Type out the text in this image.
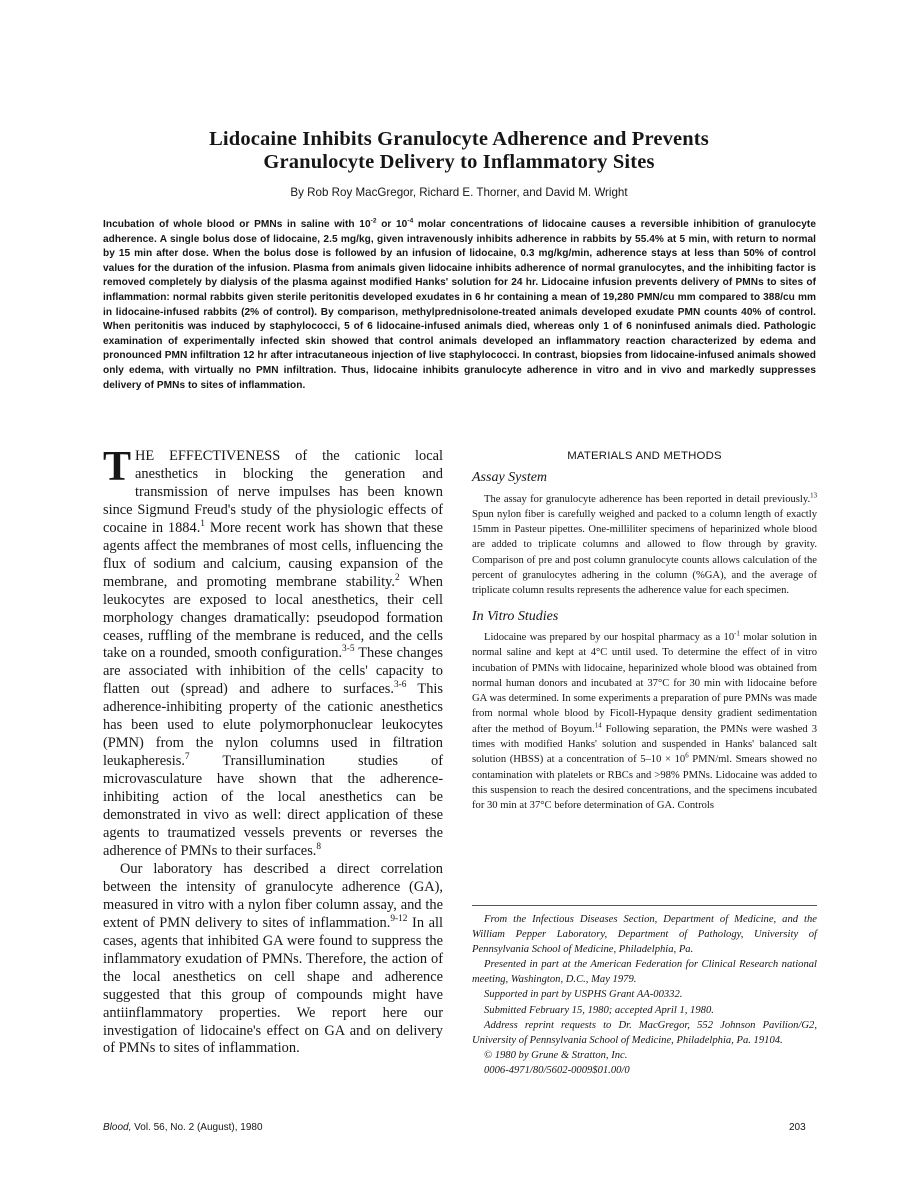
Lidocaine Inhibits Granulocyte Adherence and Prevents
Granulocyte Delivery to Inflammatory Sites
By Rob Roy MacGregor, Richard E. Thorner, and David M. Wright

Incubation of whole blood or PMNs in saline with $10^{-2}$ or $10^{-4}$ molar concentrations of lidocaine causes a reversible inhibition of granulocyte adherence. A single bolus dose of lidocaine, 2.5 mg/kg, given intravenously inhibits adherence in rabbits by 55.4% at 5 min, with return to normal by 15 min after dose. When the bolus dose is followed by an infusion of lidocaine, 0.3 mg/kg/min, adherence stays at less than 50% of control values for the duration of the infusion. Plasma from animals given lidocaine inhibits adherence of normal granulocytes, and the inhibiting factor is removed completely by dialysis of the plasma against modified Hanks' solution for 24 hr. Lidocaine infusion prevents delivery of PMNs to sites of inflammation: normal rabbits given sterile peritonitis developed exudates in 6 hr containing a mean of 19,280 PMN/cu mm compared to 388/cu mm in lidocaine-infused rabbits (2% of control). By comparison, methylprednisolone-treated animals developed exudate PMN counts 40% of control. When peritonitis was induced by staphylococci, 5 of 6 lidocaine-infused animals died, whereas only 1 of 6 noninfused animals died. Pathologic examination of experimentally infected skin showed that control animals developed an inflammatory reaction characterized by edema and pronounced PMN infiltration 12 hr after intracutaneous injection of live staphylococci. In contrast, biopsies from lidocaine-infused animals showed only edema, with virtually no PMN infiltration. Thus, lidocaine inhibits granulocyte adherence in vitro and in vivo and markedly suppresses delivery of PMNs to sites of inflammation.

THE EFFECTIVENESS of the cationic local anesthetics in blocking the generation and transmission of nerve impulses has been known since Sigmund Freud's study of the physiologic effects of cocaine in 1884.$^1$ More recent work has shown that these agents affect the membranes of most cells, influencing the flux of sodium and calcium, causing expansion of the membrane, and promoting membrane stability.$^2$ When leukocytes are exposed to local anesthetics, their cell morphology changes dramatically: pseudopod formation ceases, ruffling of the membrane is reduced, and the cells take on a rounded, smooth configuration.$^{3-5}$ These changes are associated with inhibition of the cells' capacity to flatten out (spread) and adhere to surfaces.$^{3-6}$ This adherence-inhibiting property of the cationic anesthetics has been used to elute polymorphonuclear leukocytes (PMN) from the nylon columns used in filtration leukapheresis.$^7$ Transillumination studies of microvasculature have shown that the adherence-inhibiting action of the local anesthetics can be demonstrated in vivo as well: direct application of these agents to traumatized vessels prevents or reverses the adherence of PMNs to their surfaces.$^8$

Our laboratory has described a direct correlation between the intensity of granulocyte adherence (GA), measured in vitro with a nylon fiber column assay, and the extent of PMN delivery to sites of inflammation.$^{9-12}$ In all cases, agents that inhibited GA were found to suppress the inflammatory exudation of PMNs. Therefore, the action of the local anesthetics on cell shape and adherence suggested that this group of compounds might have antiinflammatory properties. We report here our investigation of lidocaine's effect on GA and on delivery of PMNs to sites of inflammation.

MATERIALS AND METHODS
Assay System

The assay for granulocyte adherence has been reported in detail previously.$^{13}$ Spun nylon fiber is carefully weighed and packed to a column length of exactly 15mm in Pasteur pipettes. One-milliliter specimens of heparinized whole blood are added to triplicate columns and allowed to flow through by gravity. Comparison of pre and post column granulocyte counts allows calculation of the percent of granulocytes adhering in the column (%GA), and the average of triplicate column results represents the adherence value for each specimen.

In Vitro Studies

Lidocaine was prepared by our hospital pharmacy as a $10^{-1}$ molar solution in normal saline and kept at 4°C until used. To determine the effect of in vitro incubation of PMNs with lidocaine, heparinized whole blood was obtained from normal human donors and incubated at 37°C for 30 min with lidocaine before GA was determined. In some experiments a preparation of pure PMNs was made from normal whole blood by Ficoll-Hypaque density gradient sedimentation after the method of Boyum.$^{14}$ Following separation, the PMNs were washed 3 times with modified Hanks' solution and suspended in Hanks' balanced salt solution (HBSS) at a concentration of $5-10 \times 10^6$ PMN/ml. Smears showed no contamination with platelets or RBCs and >98% PMNs. Lidocaine was added to this suspension to reach the desired concentrations, and the specimens incubated for 30 min at 37°C before determination of GA. Controls

From the Infectious Diseases Section, Department of Medicine, and the William Pepper Laboratory, Department of Pathology, University of Pennsylvania School of Medicine, Philadelphia, Pa.

Presented in part at the American Federation for Clinical Research national meeting, Washington, D.C., May 1979.

Supported in part by USPHS Grant AA-00332.

Submitted February 15, 1980; accepted April 1, 1980.

Address reprint requests to Dr. MacGregor, 552 Johnson Pavilion/G2, University of Pennsylvania School of Medicine, Philadelphia, Pa. 19104.

© 1980 by Grune & Stratton, Inc.

0006-4971/80/5602-0009$01.00/0

Blood, Vol. 56, No. 2 (August), 1980	203
